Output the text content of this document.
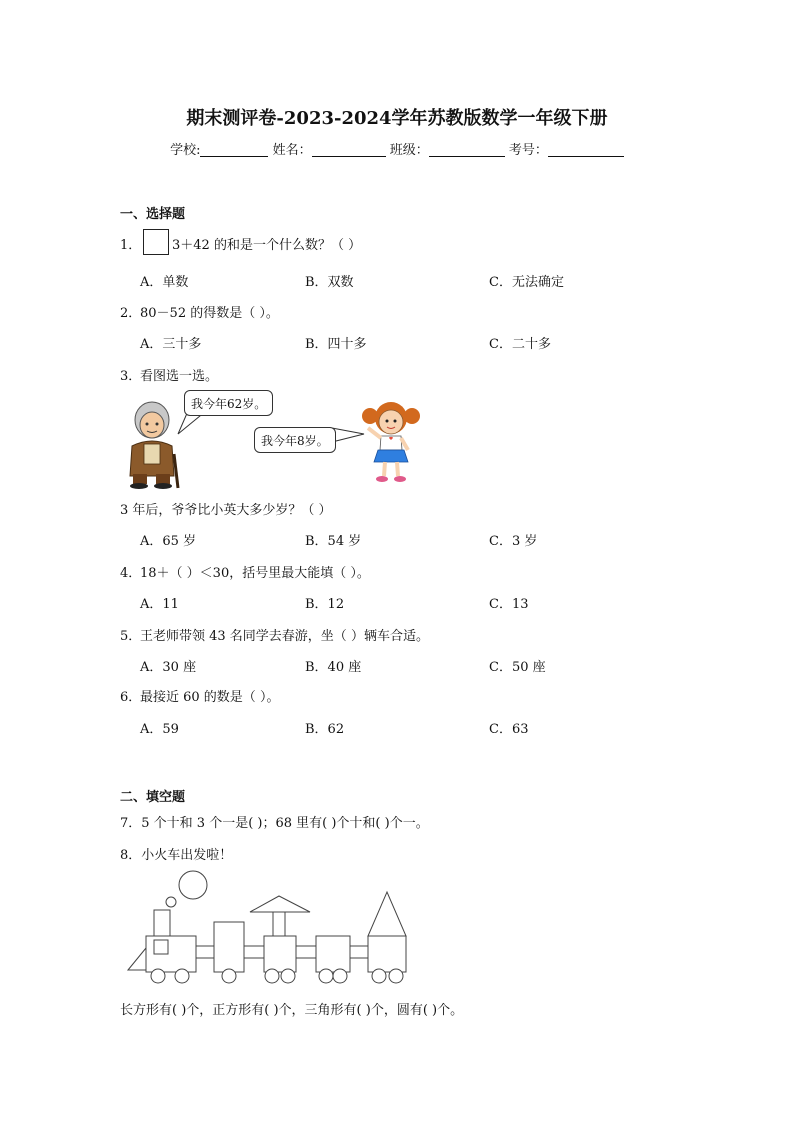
期末测评卷-2023-2024学年苏教版数学一年级下册
学校:	姓名：	班级：	考号：
一、选择题
1． 3＋42 的和是一个什么数？（ ）
A．单数	B．双数	C．无法确定
2．
80－52 的得数是（ ）。
A．三十多	B．四十多	C．二十多
3．
看图选一选。
我今年62岁。
我今年8岁。
3 年后，爷爷比小英大多少岁？（ ）
A．65 岁	B．54 岁	C．3 岁
4．
18＋（ ）＜30，括号里最大能填（ ）。
A．11	B．12	C．13
5．
王老师带领 43 名同学去春游，坐（ ）辆车合适。
A．30 座	B．40 座	C．50 座
6．
最接近 60 的数是（ ）。
A．59	B．62	C．63
二、填空题
7．5 个十和 3 个一是( )；68 里有( )个十和( )个一。
8．小火车出发啦！
长方形有( )个，正方形有( )个，三角形有( )个，圆有( )个。
